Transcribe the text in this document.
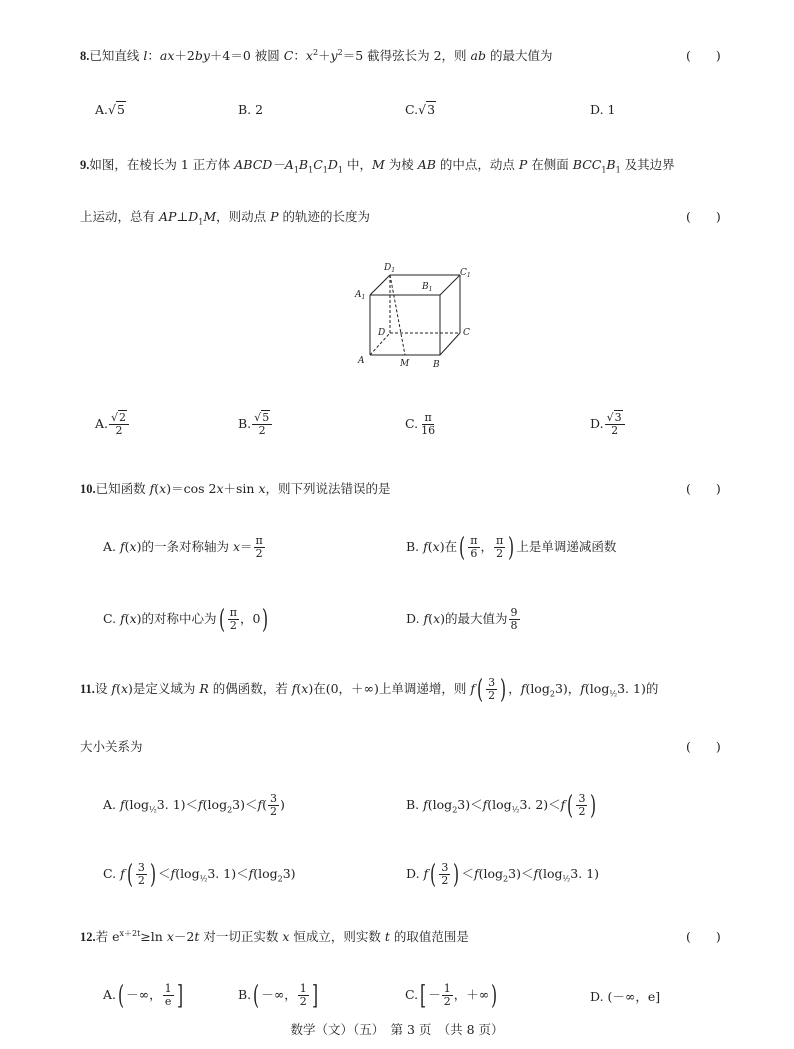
8.已知直线 l：ax＋2by＋4＝0 被圆 C：$x^2+y^2=5$ 截得弦长为 2，则 ab 的最大值为	(　　)
A.√5	B. 2	C.√3	D. 1
9.如图，在棱长为 1 正方体 $ABCD-A_1B_1C_1D_1$ 中，M 为棱 AB 的中点，动点 P 在侧面 $BCC_1B_1$ 及其边界
上运动，总有 $AP\perp D_1M$，则动点 P 的轨迹的长度为	(　　)
$D_1$	$C_1$
$A_1$
$B_1$
D	C
A	M	B
A. $\frac{√2}{2}$	B. $\frac{√5}{2}$	C. $\frac{\pi}{16}$	D. $\frac{√3}{2}$
10.已知函数 f(x)＝cos 2x＋sin x，则下列说法错误的是	(　　)
A. f(x)的一条对称轴为 $x= \frac{\pi}{2}$	B. f(x)在( $\frac{\pi}{6}$ ， $\frac{\pi}{2}$ ) 上是单调递减函数
C. f(x)的对称中心为( $\frac{\pi}{2}$ ，0)	D. f(x)的最大值为 $\frac{9}{8}$
11.设 f(x)是定义域为 R 的偶函数，若 f(x)在(0，＋∞)上单调递增，则 $f( \frac{3}{2}$ ) ，$f(\log_23)$，$f(\log_{\frac{1}{2}}3$. 1)的
大小关系为	(　　)
A. $f(\log_{\frac{1}{2}}3$. $1)<f(\log_23)<f( \frac{3}{2}$ )	B. $f(\log_23)<f(\log_{\frac{1}{2}}3$. $2)<f( \frac{3}{2}$ )
C. $f( \frac{3}{2}$ ) $<f(\log_{\frac{1}{2}}3$. $1)<f(\log_23)$	D. $f( \frac{3}{2}$ ) $<f(\log_23)<f(\log_{\frac{1}{2}}3$. 1)
12.若 $e^{x+2t}\ge\ln$ x－2t 对一切正实数 x 恒成立，则实数 t 的取值范围是	(　　)
A.( －∞， $\frac{1}{e}$ ]	B.( －∞， $\frac{1}{2}$ ]	$C.[ - \frac{1}{2}$ ，＋∞)	D. (－∞，e]
数学（文）（五）　第 3 页　（共 8 页）
